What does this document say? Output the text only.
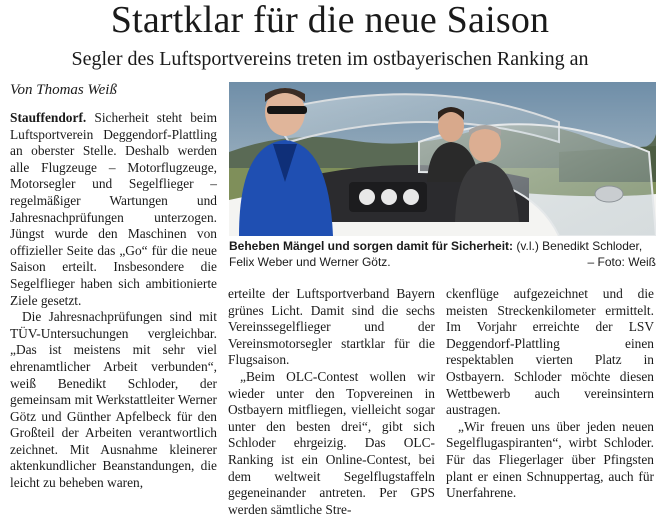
Startklar für die neue Saison
Segler des Luftsportvereins treten im ostbayerischen Ranking an
Von Thomas Weiß

Stauffendorf. Sicherheit steht beim Luftsportverein Deggendorf-Plattling an oberster Stelle. Deshalb werden alle Flugzeuge – Motorflugzeuge, Motorsegler und Segelflieger – regelmäßiger Wartungen und Jahresnachprüfungen unterzogen. Jüngst wurde den Maschinen von offizieller Seite das „Go“ für die neue Saison erteilt. Insbesondere die Segelflieger haben sich ambitionierte Ziele gesetzt.

Die Jahresnachprüfungen sind mit TÜV-Untersuchungen vergleichbar. „Das ist meistens mit sehr viel ehrenamtlicher Arbeit verbunden“, weiß Benedikt Schloder, der gemeinsam mit Werkstattleiter Werner Götz und Günther Apfelbeck für den Großteil der Arbeiten verantwortlich zeichnet. Mit Ausnahme kleinerer aktenkundlicher Beanstandungen, die leicht zu beheben waren,

Beheben Mängel und sorgen damit für Sicherheit: (v.l.) Benedikt Schloder, Felix Weber und Werner Götz.	– Foto: Weiß

erteilte der Luftsportverband Bayern grünes Licht. Damit sind die sechs Vereinssegelflieger und der Vereinsmotorsegler startklar für die Flugsaison.

„Beim OLC-Contest wollen wir wieder unter den Topvereinen in Ostbayern mitfliegen, vielleicht sogar unter den besten drei“, gibt sich Schloder ehrgeizig. Das OLC-Ranking ist ein Online-Contest, bei dem weltweit Segelflugstaffeln gegeneinander antreten. Per GPS werden sämtliche Stre-

ckenflüge aufgezeichnet und die meisten Streckenkilometer ermittelt. Im Vorjahr erreichte der LSV Deggendorf-Plattling einen respektablen vierten Platz in Ostbayern. Schloder möchte diesen Wettbewerb auch vereinsintern austragen.

„Wir freuen uns über jeden neuen Segelflugaspiranten“, wirbt Schloder. Für das Fliegerlager über Pfingsten plant er einen Schnuppertag, auch für Unerfahrene.
